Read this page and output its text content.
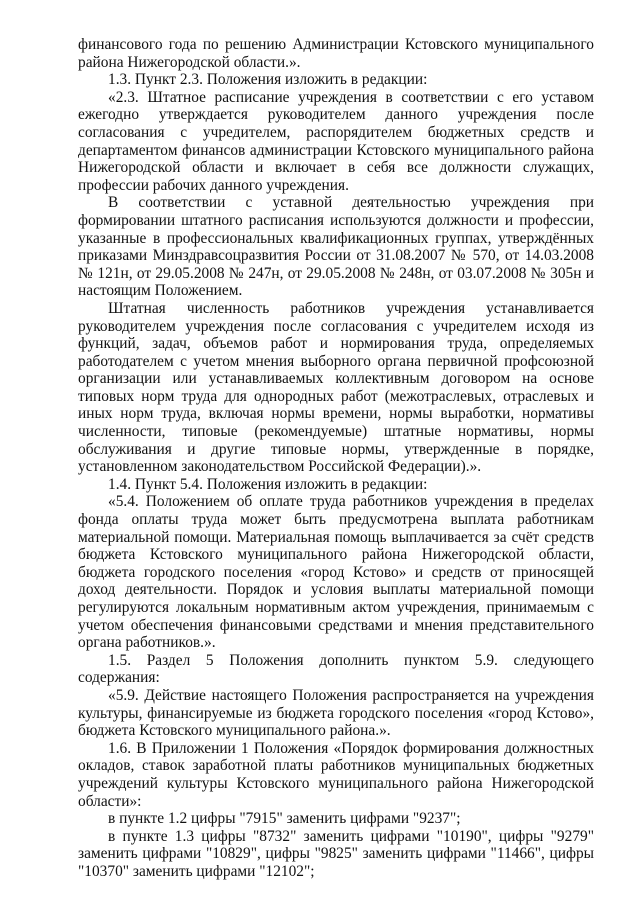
финансового года по решению Администрации Кстовского муниципального района Нижегородской области.».

1.3. Пункт 2.3. Положения изложить в редакции:

«2.3. Штатное расписание учреждения в соответствии с его уставом ежегодно утверждается руководителем данного учреждения после согласования с учредителем, распорядителем бюджетных средств и департаментом финансов администрации Кстовского муниципального района Нижегородской области и включает в себя все должности служащих, профессии рабочих данного учреждения.

В соответствии с уставной деятельностью учреждения при формировании штатного расписания используются должности и профессии, указанные в профессиональных квалификационных группах, утверждённых приказами Минздравсоцразвития России от 31.08.2007 № 570, от 14.03.2008 № 121н, от 29.05.2008 № 247н, от 29.05.2008 № 248н, от 03.07.2008 № 305н и настоящим Положением.

Штатная численность работников учреждения устанавливается руководителем учреждения после согласования с учредителем исходя из функций, задач, объемов работ и нормирования труда, определяемых работодателем с учетом мнения выборного органа первичной профсоюзной организации или устанавливаемых коллективным договором на основе типовых норм труда для однородных работ (межотраслевых, отраслевых и иных норм труда, включая нормы времени, нормы выработки, нормативы численности, типовые (рекомендуемые) штатные нормативы, нормы обслуживания и другие типовые нормы, утвержденные в порядке, установленном законодательством Российской Федерации).».

1.4. Пункт 5.4. Положения изложить в редакции:

«5.4. Положением об оплате труда работников учреждения в пределах фонда оплаты труда может быть предусмотрена выплата работникам материальной помощи. Материальная помощь выплачивается за счёт средств бюджета Кстовского муниципального района Нижегородской области, бюджета городского поселения «город Кстово» и средств от приносящей доход деятельности. Порядок и условия выплаты материальной помощи регулируются локальным нормативным актом учреждения, принимаемым с учетом обеспечения финансовыми средствами и мнения представительного органа работников.».

1.5. Раздел 5 Положения дополнить пунктом 5.9. следующего содержания:

«5.9. Действие настоящего Положения распространяется на учреждения культуры, финансируемые из бюджета городского поселения «город Кстово», бюджета Кстовского муниципального района.».

1.6. В Приложении 1 Положения «Порядок формирования должностных окладов, ставок заработной платы работников муниципальных бюджетных учреждений культуры Кстовского муниципального района Нижегородской области»:

в пункте 1.2 цифры "7915" заменить цифрами "9237";

в пункте 1.3 цифры "8732" заменить цифрами "10190", цифры "9279" заменить цифрами "10829", цифры "9825" заменить цифрами "11466", цифры "10370" заменить цифрами "12102";
